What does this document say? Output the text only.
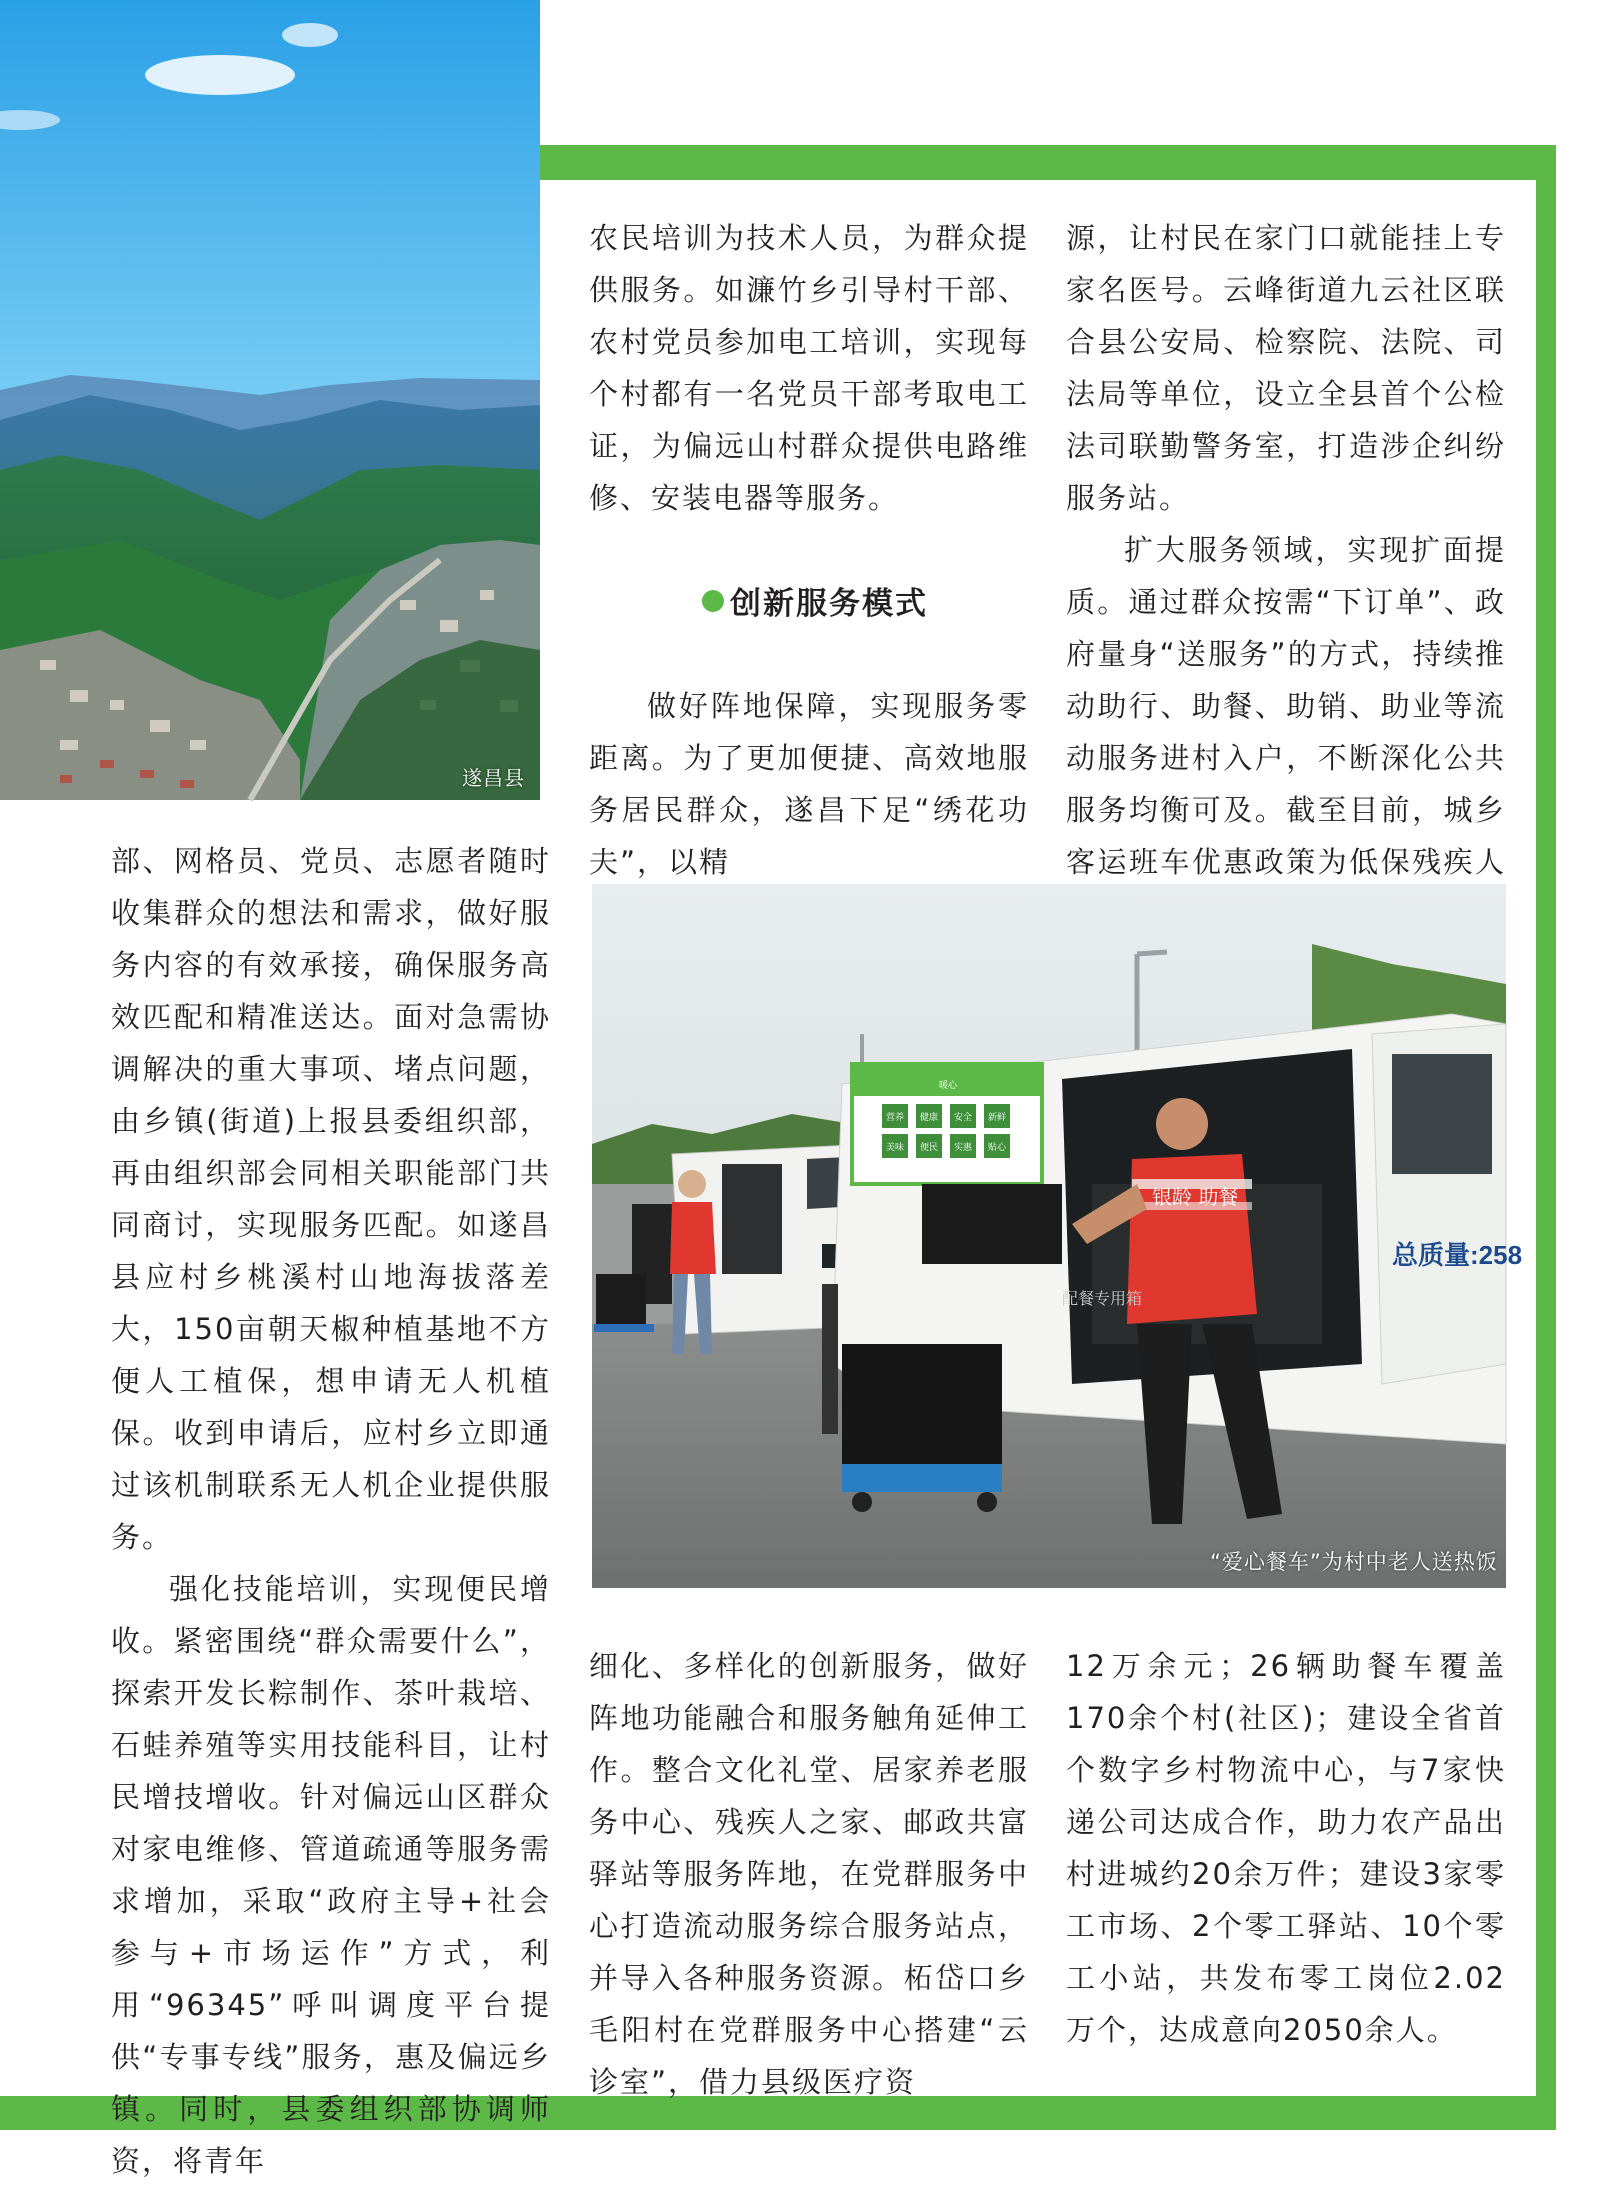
遂昌县

部、网格员、党员、志愿者随时收集群众的想法和需求，做好服务内容的有效承接，确保服务高效匹配和精准送达。面对急需协调解决的重大事项、堵点问题，由乡镇(街道)上报县委组织部，再由组织部会同相关职能部门共同商讨，实现服务匹配。如遂昌县应村乡桃溪村山地海拔落差大，150亩朝天椒种植基地不方便人工植保，想申请无人机植保。收到申请后，应村乡立即通过该机制联系无人机企业提供服务。

强化技能培训，实现便民增收。紧密围绕“群众需要什么”，探索开发长粽制作、茶叶栽培、石蛙养殖等实用技能科目，让村民增技增收。针对偏远山区群众对家电维修、管道疏通等服务需求增加，采取“政府主导+社会参与+市场运作”方式，利用“96345”呼叫调度平台提供“专事专线”服务，惠及偏远乡镇。同时，县委组织部协调师资，将青年

农民培训为技术人员，为群众提供服务。如濂竹乡引导村干部、农村党员参加电工培训，实现每个村都有一名党员干部考取电工证，为偏远山村群众提供电路维修、安装电器等服务。

创新服务模式

做好阵地保障，实现服务零距离。为了更加便捷、高效地服务居民群众，遂昌下足“绣花功夫”，以精

源，让村民在家门口就能挂上专家名医号。云峰街道九云社区联合县公安局、检察院、法院、司法局等单位，设立全县首个公检法司联勤警务室，打造涉企纠纷服务站。

扩大服务领域，实现扩面提质。通过群众按需“下订单”、政府量身“送服务”的方式，持续推动助行、助餐、助销、助业等流动服务进村入户，不断深化公共服务均衡可及。截至目前，城乡客运班车优惠政策为低保残疾人

总质量:258
银龄 助餐
配餐专用箱
营养 健康 安全 新鲜
美味 便民 实惠 贴心
暖心
“爱心餐车”为村中老人送热饭

细化、多样化的创新服务，做好阵地功能融合和服务触角延伸工作。整合文化礼堂、居家养老服务中心、残疾人之家、邮政共富驿站等服务阵地，在党群服务中心打造流动服务综合服务站点，并导入各种服务资源。柘岱口乡毛阳村在党群服务中心搭建“云诊室”，借力县级医疗资

12万余元；26辆助餐车覆盖170余个村(社区)；建设全省首个数字乡村物流中心，与7家快递公司达成合作，助力农产品出村进城约20余万件；建设3家零工市场、2个零工驿站、10个零工小站，共发布零工岗位2.02万个，达成意向2050余人。
